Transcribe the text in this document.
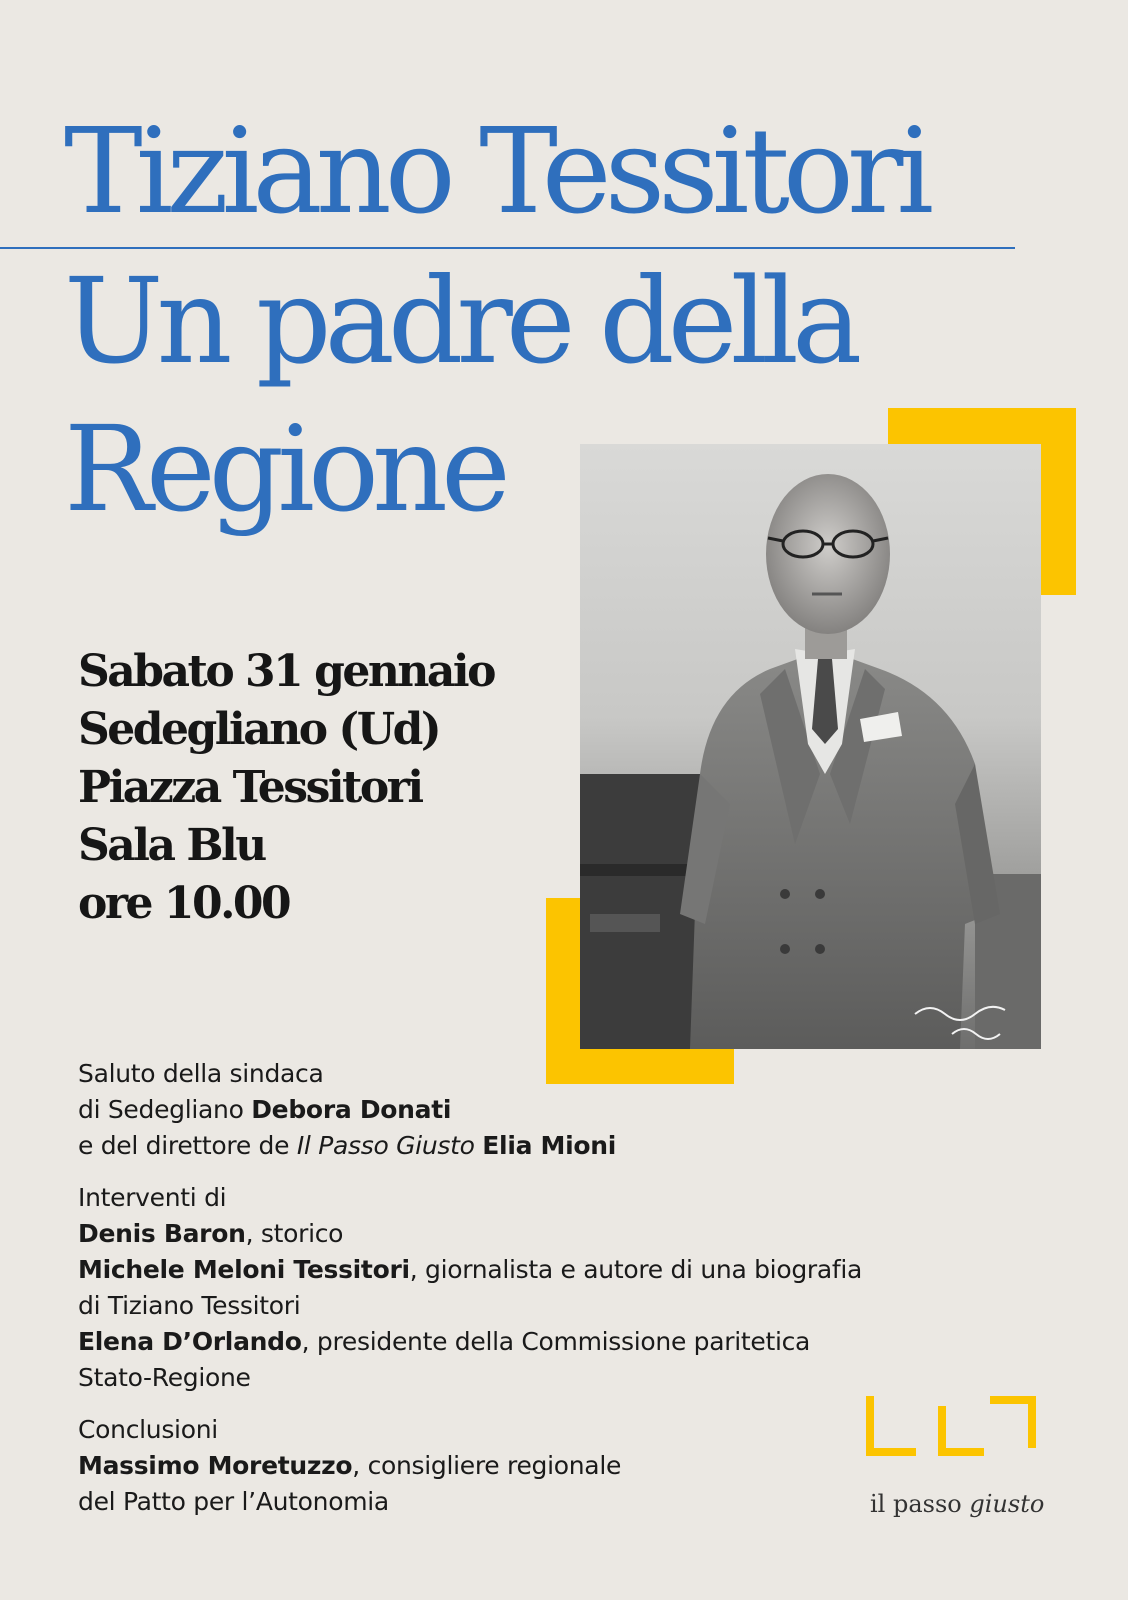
Tiziano Tessitori
Un padre della
Regione
Sabato 31 gennaio
Sedegliano (Ud)
Piazza Tessitori
Sala Blu
ore 10.00
Saluto della sindaca
di Sedegliano Debora Donati
e del direttore de Il Passo Giusto Elia Mioni
Interventi di
Denis Baron, storico
Michele Meloni Tessitori, giornalista e autore di una biografia
di Tiziano Tessitori
Elena D’Orlando, presidente della Commissione paritetica
Stato-Regione
Conclusioni
Massimo Moretuzzo, consigliere regionale
del Patto per l’Autonomia	il passo giusto
